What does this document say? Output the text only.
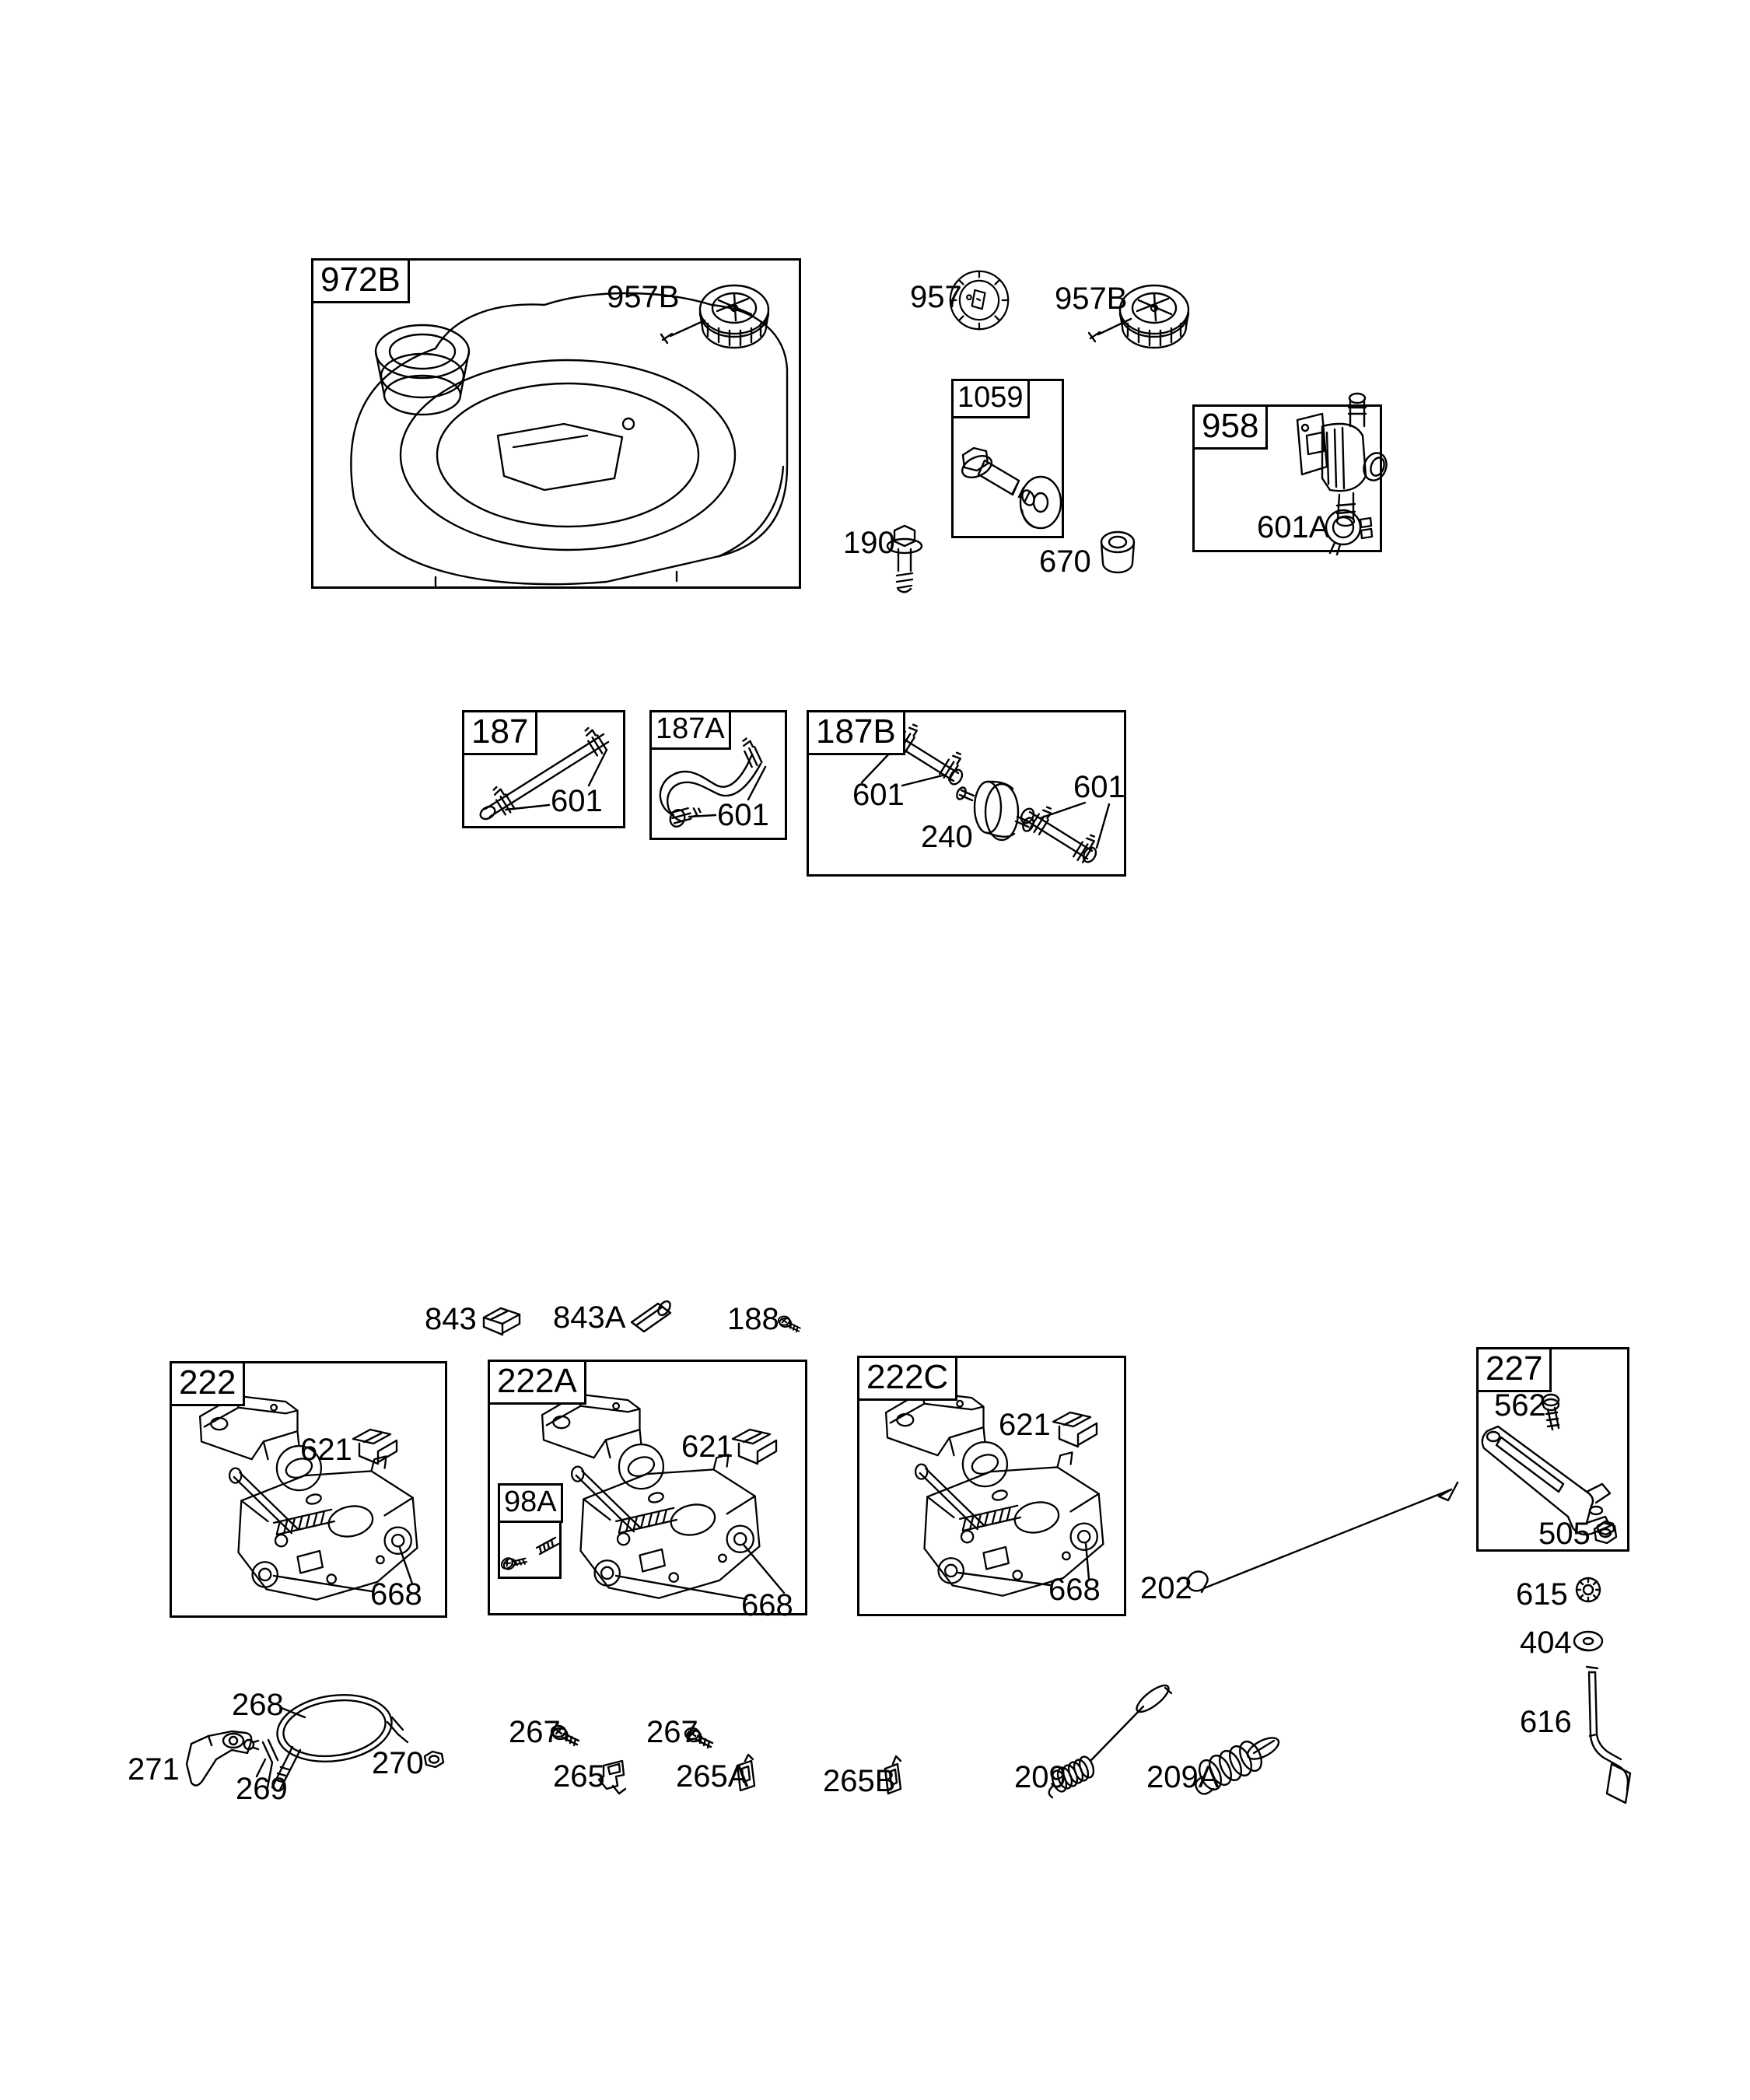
972B
1059
958
187	187A	187B
222	222A
98A
222C	227
957B	957	957B
190
670
601A
601	601
601
240
601
843 843A	188
621
668
621
668
621
668 202
562
505
615
404
616
268
271
269
270
267
265
267
265A 265B	209	209A
